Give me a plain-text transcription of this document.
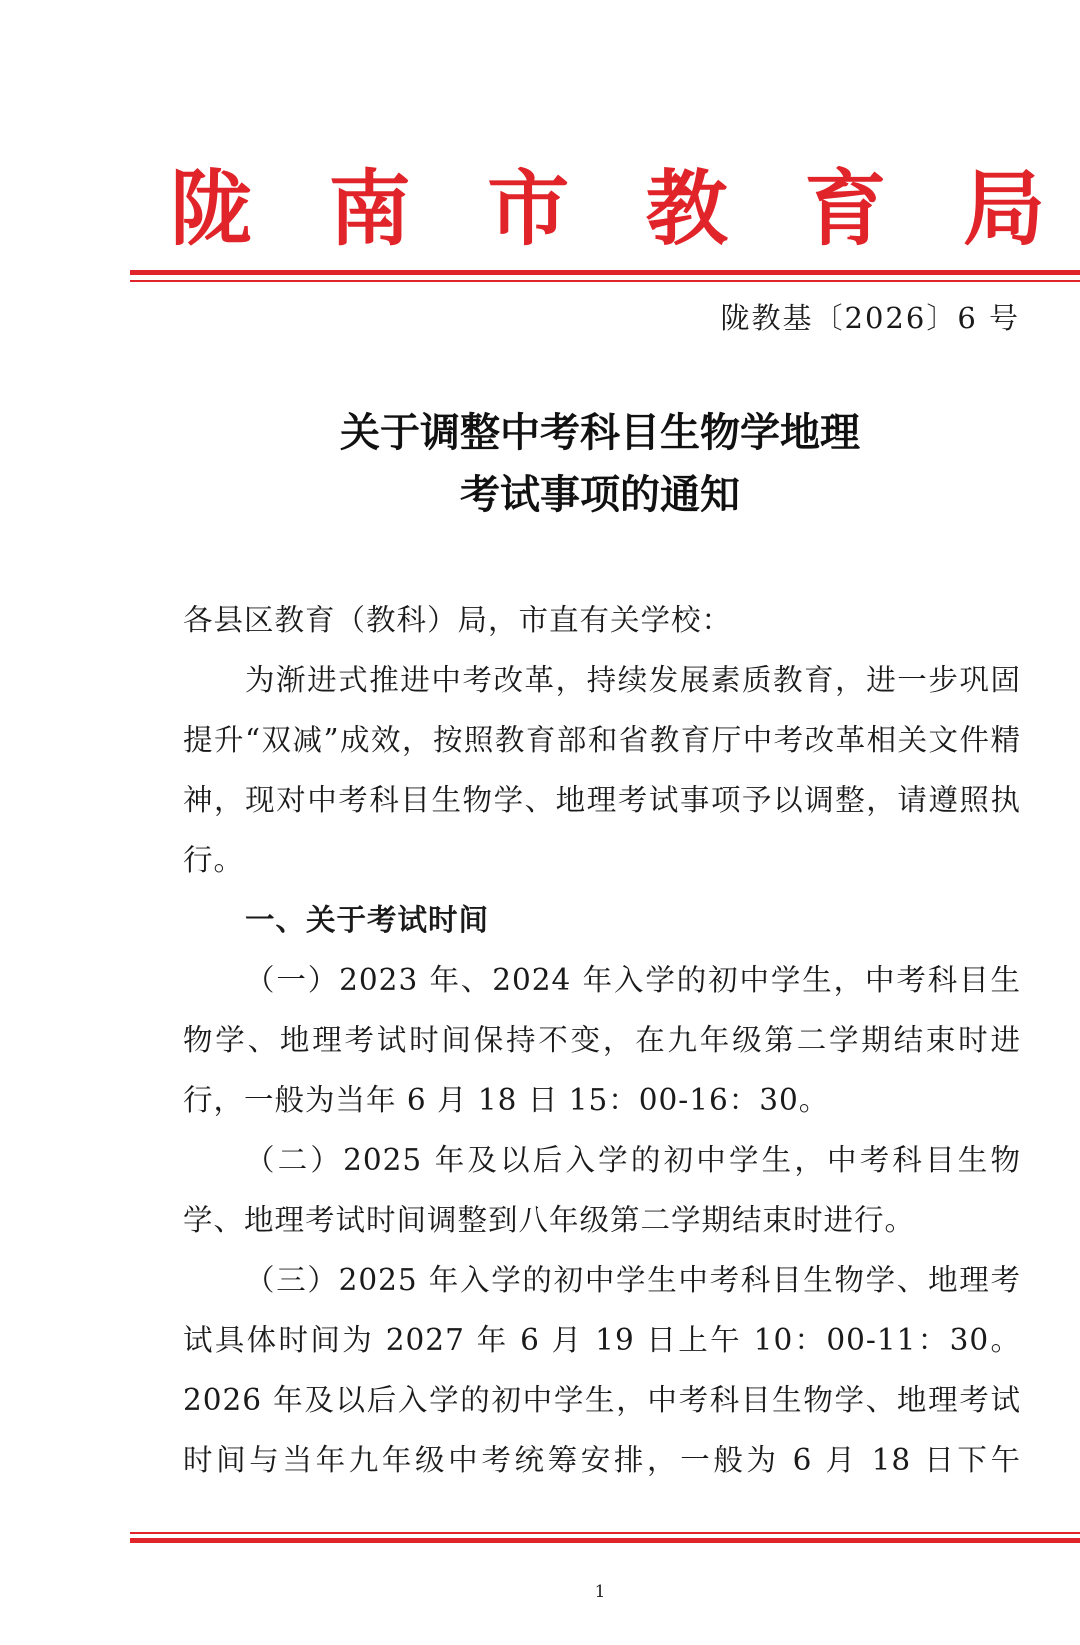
陇 南 市 教 育 局
陇教基〔2026〕6 号
关于调整中考科目生物学地理
考试事项的通知

各县区教育（教科）局，市直有关学校：

为渐进式推进中考改革，持续发展素质教育，进一步巩固提升“双减”成效，按照教育部和省教育厅中考改革相关文件精神，现对中考科目生物学、地理考试事项予以调整，请遵照执行。

一、关于考试时间

（一）2023 年、2024 年入学的初中学生，中考科目生物学、地理考试时间保持不变，在九年级第二学期结束时进行，一般为当年 6 月 18 日 15：00-16：30。

（二）2025 年及以后入学的初中学生，中考科目生物学、地理考试时间调整到八年级第二学期结束时进行。

（三）2025 年入学的初中学生中考科目生物学、地理考试具体时间为 2027 年 6 月 19 日上午 10：00-11：30。2026 年及以后入学的初中学生，中考科目生物学、地理考试时间与当年九年级中考统筹安排，一般为 6 月 18 日下午

1
